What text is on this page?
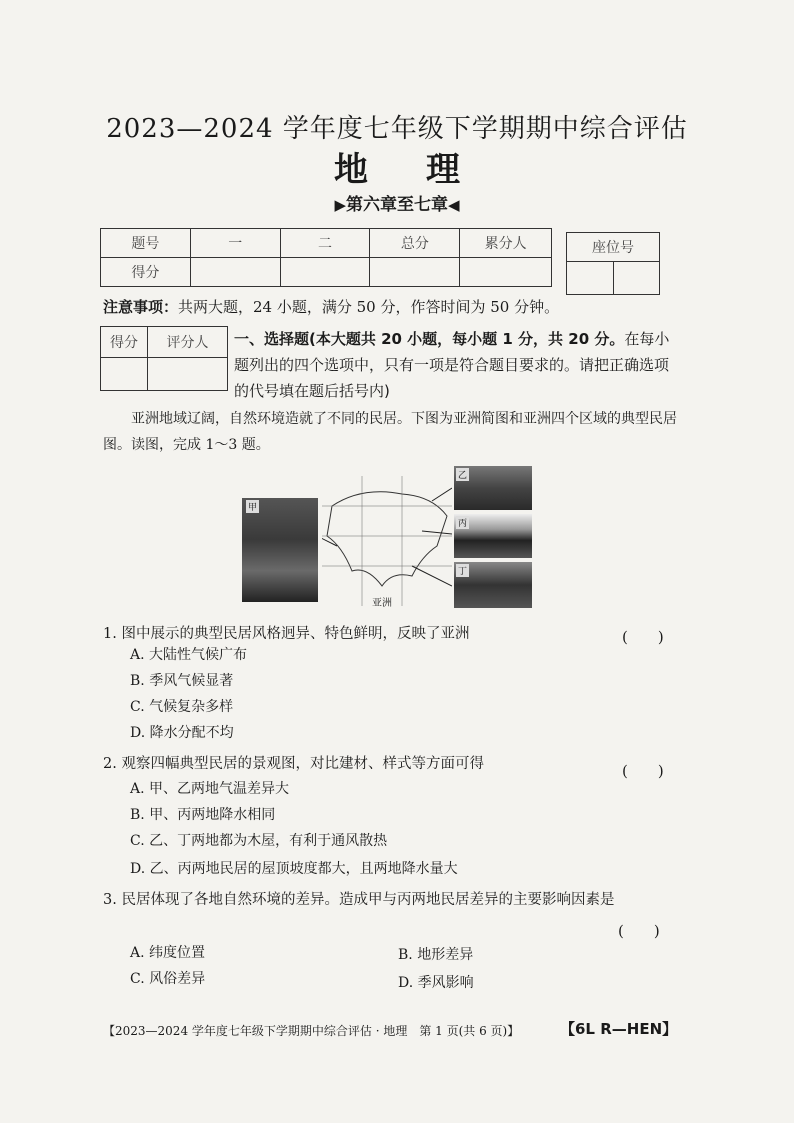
2023—2024 学年度七年级下学期期中综合评估
地理
▶第六章至七章◀
题号	一	二	总分	累分人
得分				
座位号

注意事项：共两大题，24 小题，满分 50 分，作答时间为 50 分钟。
得分	评分人
	一、选择题(本大题共 20 小题，每小题 1 分，共 20 分。在每小题列出的四个选项中，只有一项是符合题目要求的。请把正确选项的代号填在题后括号内)
亚洲地域辽阔，自然环境造就了不同的民居。下图为亚洲简图和亚洲四个区域的典型民居图。读图，完成 1～3 题。
甲
亚洲
乙
丙
丁
1. 图中展示的典型民居风格迥异、特色鲜明，反映了亚洲	(　　)
A. 大陆性气候广布
B. 季风气候显著
C. 气候复杂多样
D. 降水分配不均
2. 观察四幅典型民居的景观图，对比建材、样式等方面可得	(　　)
A. 甲、乙两地气温差异大
B. 甲、丙两地降水相同
C. 乙、丁两地都为木屋，有利于通风散热
D. 乙、丙两地民居的屋顶坡度都大，且两地降水量大
3. 民居体现了各地自然环境的差异。造成甲与丙两地民居差异的主要影响因素是
(　　)
A. 纬度位置	B. 地形差异
C. 风俗差异	D. 季风影响
【2023—2024 学年度七年级下学期期中综合评估 · 地理　第 1 页(共 6 页)】	【6L R—HEN】
